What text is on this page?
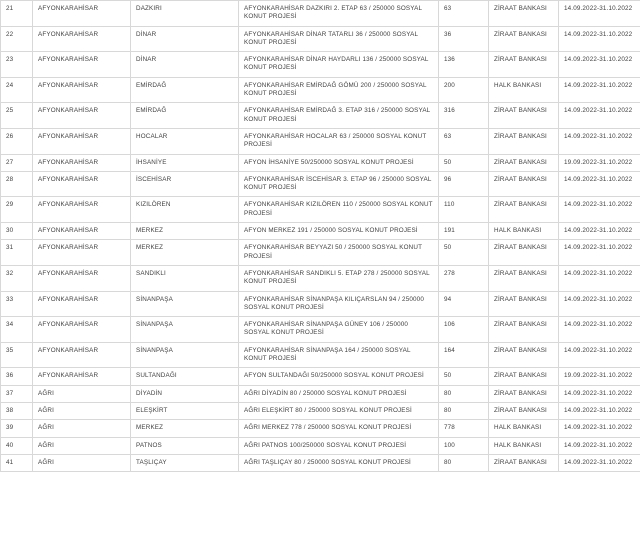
21	AFYONKARAHİSAR	DAZKIRI	AFYONKARAHİSAR DAZKIRI 2. ETAP 63 / 250000 SOSYAL KONUT PROJESİ	63	ZİRAAT BANKASI	14.09.2022-31.10.2022
22	AFYONKARAHİSAR	DİNAR	AFYONKARAHİSAR DİNAR TATARLI 36 / 250000 SOSYAL KONUT PROJESİ	36	ZİRAAT BANKASI	14.09.2022-31.10.2022
23	AFYONKARAHİSAR	DİNAR	AFYONKARAHİSAR DİNAR HAYDARLI 136 / 250000 SOSYAL KONUT PROJESİ	136	ZİRAAT BANKASI	14.09.2022-31.10.2022
24	AFYONKARAHİSAR	EMİRDAĞ	AFYONKARAHİSAR EMİRDAĞ GÖMÜ 200 / 250000 SOSYAL KONUT PROJESİ	200	HALK BANKASI	14.09.2022-31.10.2022
25	AFYONKARAHİSAR	EMİRDAĞ	AFYONKARAHİSAR EMİRDAĞ 3. ETAP 316 / 250000 SOSYAL KONUT PROJESİ	316	ZİRAAT BANKASI	14.09.2022-31.10.2022
26	AFYONKARAHİSAR	HOCALAR	AFYONKARAHİSAR HOCALAR 63 / 250000 SOSYAL KONUT PROJESİ	63	ZİRAAT BANKASI	14.09.2022-31.10.2022
27	AFYONKARAHİSAR	İHSANİYE	AFYON İHSANİYE 50/250000 SOSYAL KONUT PROJESİ	50	ZİRAAT BANKASI	19.09.2022-31.10.2022
28	AFYONKARAHİSAR	İSCEHİSAR	AFYONKARAHİSAR İSCEHİSAR 3. ETAP 96 / 250000 SOSYAL KONUT PROJESİ	96	ZİRAAT BANKASI	14.09.2022-31.10.2022
29	AFYONKARAHİSAR	KIZILÖREN	AFYONKARAHİSAR KIZILÖREN 110 / 250000 SOSYAL KONUT PROJESİ	110	ZİRAAT BANKASI	14.09.2022-31.10.2022
30	AFYONKARAHİSAR	MERKEZ	AFYON MERKEZ 191 / 250000 SOSYAL KONUT PROJESİ	191	HALK BANKASI	14.09.2022-31.10.2022
31	AFYONKARAHİSAR	MERKEZ	AFYONKARAHİSAR BEYYAZI 50 / 250000 SOSYAL KONUT PROJESİ	50	ZİRAAT BANKASI	14.09.2022-31.10.2022
32	AFYONKARAHİSAR	SANDIKLI	AFYONKARAHİSAR SANDIKLI 5. ETAP 278 / 250000 SOSYAL KONUT PROJESİ	278	ZİRAAT BANKASI	14.09.2022-31.10.2022
33	AFYONKARAHİSAR	SİNANPAŞA	AFYONKARAHİSAR SİNANPAŞA KILIÇARSLAN 94 / 250000 SOSYAL KONUT PROJESİ	94	ZİRAAT BANKASI	14.09.2022-31.10.2022
34	AFYONKARAHİSAR	SİNANPAŞA	AFYONKARAHİSAR SİNANPAŞA GÜNEY 106 / 250000 SOSYAL KONUT PROJESİ	106	ZİRAAT BANKASI	14.09.2022-31.10.2022
35	AFYONKARAHİSAR	SİNANPAŞA	AFYONKARAHİSAR SİNANPAŞA 164 / 250000 SOSYAL KONUT PROJESİ	164	ZİRAAT BANKASI	14.09.2022-31.10.2022
36	AFYONKARAHİSAR	SULTANDAĞI	AFYON SULTANDAĞI 50/250000 SOSYAL KONUT PROJESİ	50	ZİRAAT BANKASI	19.09.2022-31.10.2022
37	AĞRI	DİYADİN	AĞRI DİYADİN 80 / 250000 SOSYAL KONUT PROJESİ	80	ZİRAAT BANKASI	14.09.2022-31.10.2022
38	AĞRI	ELEŞKİRT	AĞRI ELEŞKİRT 80 / 250000 SOSYAL KONUT PROJESİ	80	ZİRAAT BANKASI	14.09.2022-31.10.2022
39	AĞRI	MERKEZ	AĞRI MERKEZ 778 / 250000 SOSYAL KONUT PROJESİ	778	HALK BANKASI	14.09.2022-31.10.2022
40	AĞRI	PATNOS	AĞRI PATNOS 100/250000 SOSYAL KONUT PROJESİ	100	HALK BANKASI	14.09.2022-31.10.2022
41	AĞRI	TAŞLIÇAY	AĞRI TAŞLIÇAY 80 / 250000 SOSYAL KONUT PROJESİ	80	ZİRAAT BANKASI	14.09.2022-31.10.2022
